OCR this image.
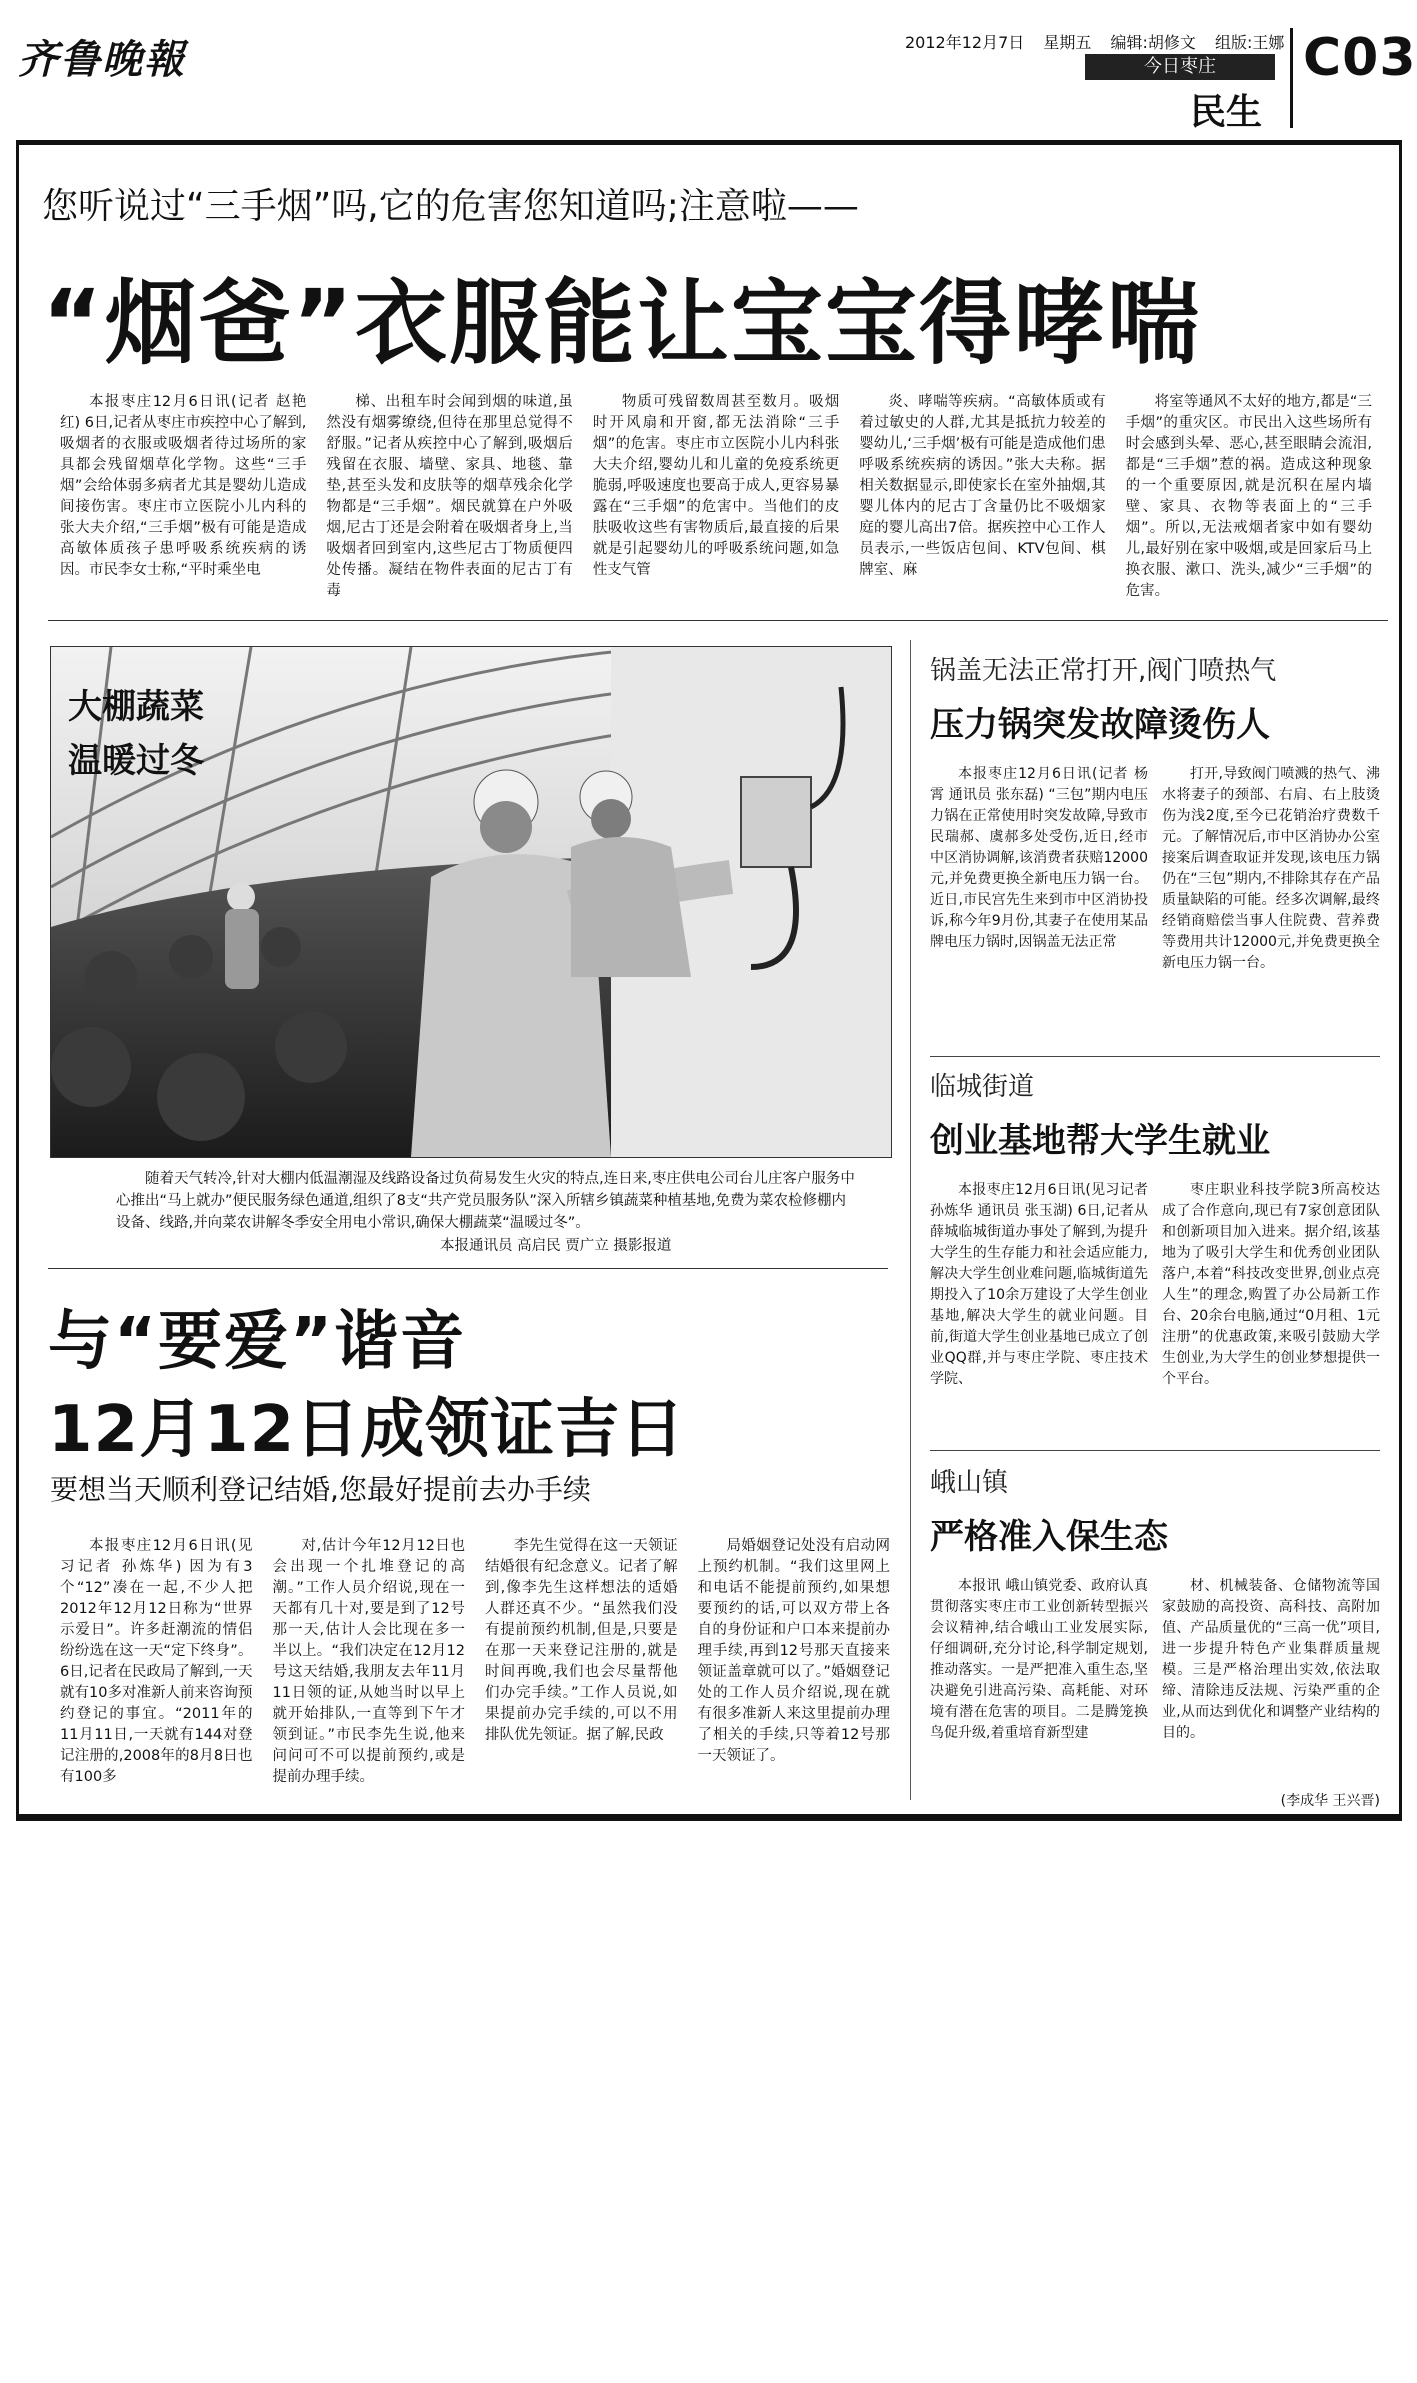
齐鲁晚報	2012年12月7日 星期五 编辑:胡修文 组版:王娜
今日枣庄
民生
C03
您听说过“三手烟”吗,它的危害您知道吗;注意啦——
“烟爸”衣服能让宝宝得哮喘

本报枣庄12月6日讯(记者 赵艳红) 6日,记者从枣庄市疾控中心了解到,吸烟者的衣服或吸烟者待过场所的家具都会残留烟草化学物。这些“三手烟”会给体弱多病者尤其是婴幼儿造成间接伤害。枣庄市立医院小儿内科的张大夫介绍,“三手烟”极有可能是造成高敏体质孩子患呼吸系统疾病的诱因。市民李女士称,“平时乘坐电

梯、出租车时会闻到烟的味道,虽然没有烟雾缭绕,但待在那里总觉得不舒服。”记者从疾控中心了解到,吸烟后残留在衣服、墙壁、家具、地毯、靠垫,甚至头发和皮肤等的烟草残余化学物都是“三手烟”。烟民就算在户外吸烟,尼古丁还是会附着在吸烟者身上,当吸烟者回到室内,这些尼古丁物质便四处传播。凝结在物件表面的尼古丁有毒

物质可残留数周甚至数月。吸烟时开风扇和开窗,都无法消除“三手烟”的危害。枣庄市立医院小儿内科张大夫介绍,婴幼儿和儿童的免疫系统更脆弱,呼吸速度也要高于成人,更容易暴露在“三手烟”的危害中。当他们的皮肤吸收这些有害物质后,最直接的后果就是引起婴幼儿的呼吸系统问题,如急性支气管

炎、哮喘等疾病。“高敏体质或有着过敏史的人群,尤其是抵抗力较差的婴幼儿,‘三手烟’极有可能是造成他们患呼吸系统疾病的诱因。”张大夫称。据相关数据显示,即使家长在室外抽烟,其婴儿体内的尼古丁含量仍比不吸烟家庭的婴儿高出7倍。据疾控中心工作人员表示,一些饭店包间、KTV包间、棋牌室、麻

将室等通风不太好的地方,都是“三手烟”的重灾区。市民出入这些场所有时会感到头晕、恶心,甚至眼睛会流泪,都是“三手烟”惹的祸。造成这种现象的一个重要原因,就是沉积在屋内墙壁、家具、衣物等表面上的“三手烟”。所以,无法戒烟者家中如有婴幼儿,最好别在家中吸烟,或是回家后马上换衣服、漱口、洗头,减少“三手烟”的危害。

大棚蔬菜
温暖过冬
随着天气转冷,针对大棚内低温潮湿及线路设备过负荷易发生火灾的特点,连日来,枣庄供电公司台儿庄客户服务中心推出“马上就办”便民服务绿色通道,组织了8支“共产党员服务队”深入所辖乡镇蔬菜种植基地,免费为菜农检修棚内设备、线路,并向菜农讲解冬季安全用电小常识,确保大棚蔬菜“温暖过冬”。
本报通讯员 高启民 贾广立 摄影报道
与“要爱”谐音
12月12日成领证吉日
要想当天顺利登记结婚,您最好提前去办手续

本报枣庄12月6日讯(见习记者 孙炼华) 因为有3个“12”凑在一起,不少人把2012年12月12日称为“世界示爱日”。许多赶潮流的情侣纷纷选在这一天“定下终身”。6日,记者在民政局了解到,一天就有10多对准新人前来咨询预约登记的事宜。“2011年的11月11日,一天就有144对登记注册的,2008年的8月8日也有100多

对,估计今年12月12日也会出现一个扎堆登记的高潮。”工作人员介绍说,现在一天都有几十对,要是到了12号那一天,估计人会比现在多一半以上。“我们决定在12月12号这天结婚,我朋友去年11月11日领的证,从她当时以早上就开始排队,一直等到下午才领到证。”市民李先生说,他来问问可不可以提前预约,或是提前办理手续。

李先生觉得在这一天领证结婚很有纪念意义。记者了解到,像李先生这样想法的适婚人群还真不少。“虽然我们没有提前预约机制,但是,只要是在那一天来登记注册的,就是时间再晚,我们也会尽量帮他们办完手续。”工作人员说,如果提前办完手续的,可以不用排队优先领证。据了解,民政

局婚姻登记处没有启动网上预约机制。“我们这里网上和电话不能提前预约,如果想要预约的话,可以双方带上各自的身份证和户口本来提前办理手续,再到12号那天直接来领证盖章就可以了。”婚姻登记处的工作人员介绍说,现在就有很多准新人来这里提前办理了相关的手续,只等着12号那一天领证了。

锅盖无法正常打开,阀门喷热气
压力锅突发故障烫伤人

本报枣庄12月6日讯(记者 杨霄 通讯员 张东磊) “三包”期内电压力锅在正常使用时突发故障,导致市民瑞郝、虞郝多处受伤,近日,经市中区消协调解,该消费者获赔12000元,并免费更换全新电压力锅一台。近日,市民宫先生来到市中区消协投诉,称今年9月份,其妻子在使用某品牌电压力锅时,因锅盖无法正常

打开,导致阀门喷溅的热气、沸水将妻子的颈部、右肩、右上肢烫伤为浅2度,至今已花销治疗费数千元。了解情况后,市中区消协办公室接案后调查取证并发现,该电压力锅仍在“三包”期内,不排除其存在产品质量缺陷的可能。经多次调解,最终经销商赔偿当事人住院费、营养费等费用共计12000元,并免费更换全新电压力锅一台。

临城街道
创业基地帮大学生就业

本报枣庄12月6日讯(见习记者 孙炼华 通讯员 张玉湖) 6日,记者从薛城临城街道办事处了解到,为提升大学生的生存能力和社会适应能力,解决大学生创业难问题,临城街道先期投入了10余万建设了大学生创业基地,解决大学生的就业问题。目前,街道大学生创业基地已成立了创业QQ群,并与枣庄学院、枣庄技术学院、

枣庄职业科技学院3所高校达成了合作意向,现已有7家创意团队和创新项目加入进来。据介绍,该基地为了吸引大学生和优秀创业团队落户,本着“科技改变世界,创业点亮人生”的理念,购置了办公局新工作台、20余台电脑,通过“0月租、1元注册”的优惠政策,来吸引鼓励大学生创业,为大学生的创业梦想提供一个平台。

峨山镇
严格准入保生态

本报讯 峨山镇党委、政府认真贯彻落实枣庄市工业创新转型振兴会议精神,结合峨山工业发展实际,仔细调研,充分讨论,科学制定规划,推动落实。一是严把准入重生态,坚决避免引进高污染、高耗能、对环境有潜在危害的项目。二是腾笼换鸟促升级,着重培育新型建

材、机械装备、仓储物流等国家鼓励的高投资、高科技、高附加值、产品质量优的“三高一优”项目,进一步提升特色产业集群质量规模。三是严格治理出实效,依法取缔、清除违反法规、污染严重的企业,从而达到优化和调整产业结构的目的。

(李成华 王兴晋)
